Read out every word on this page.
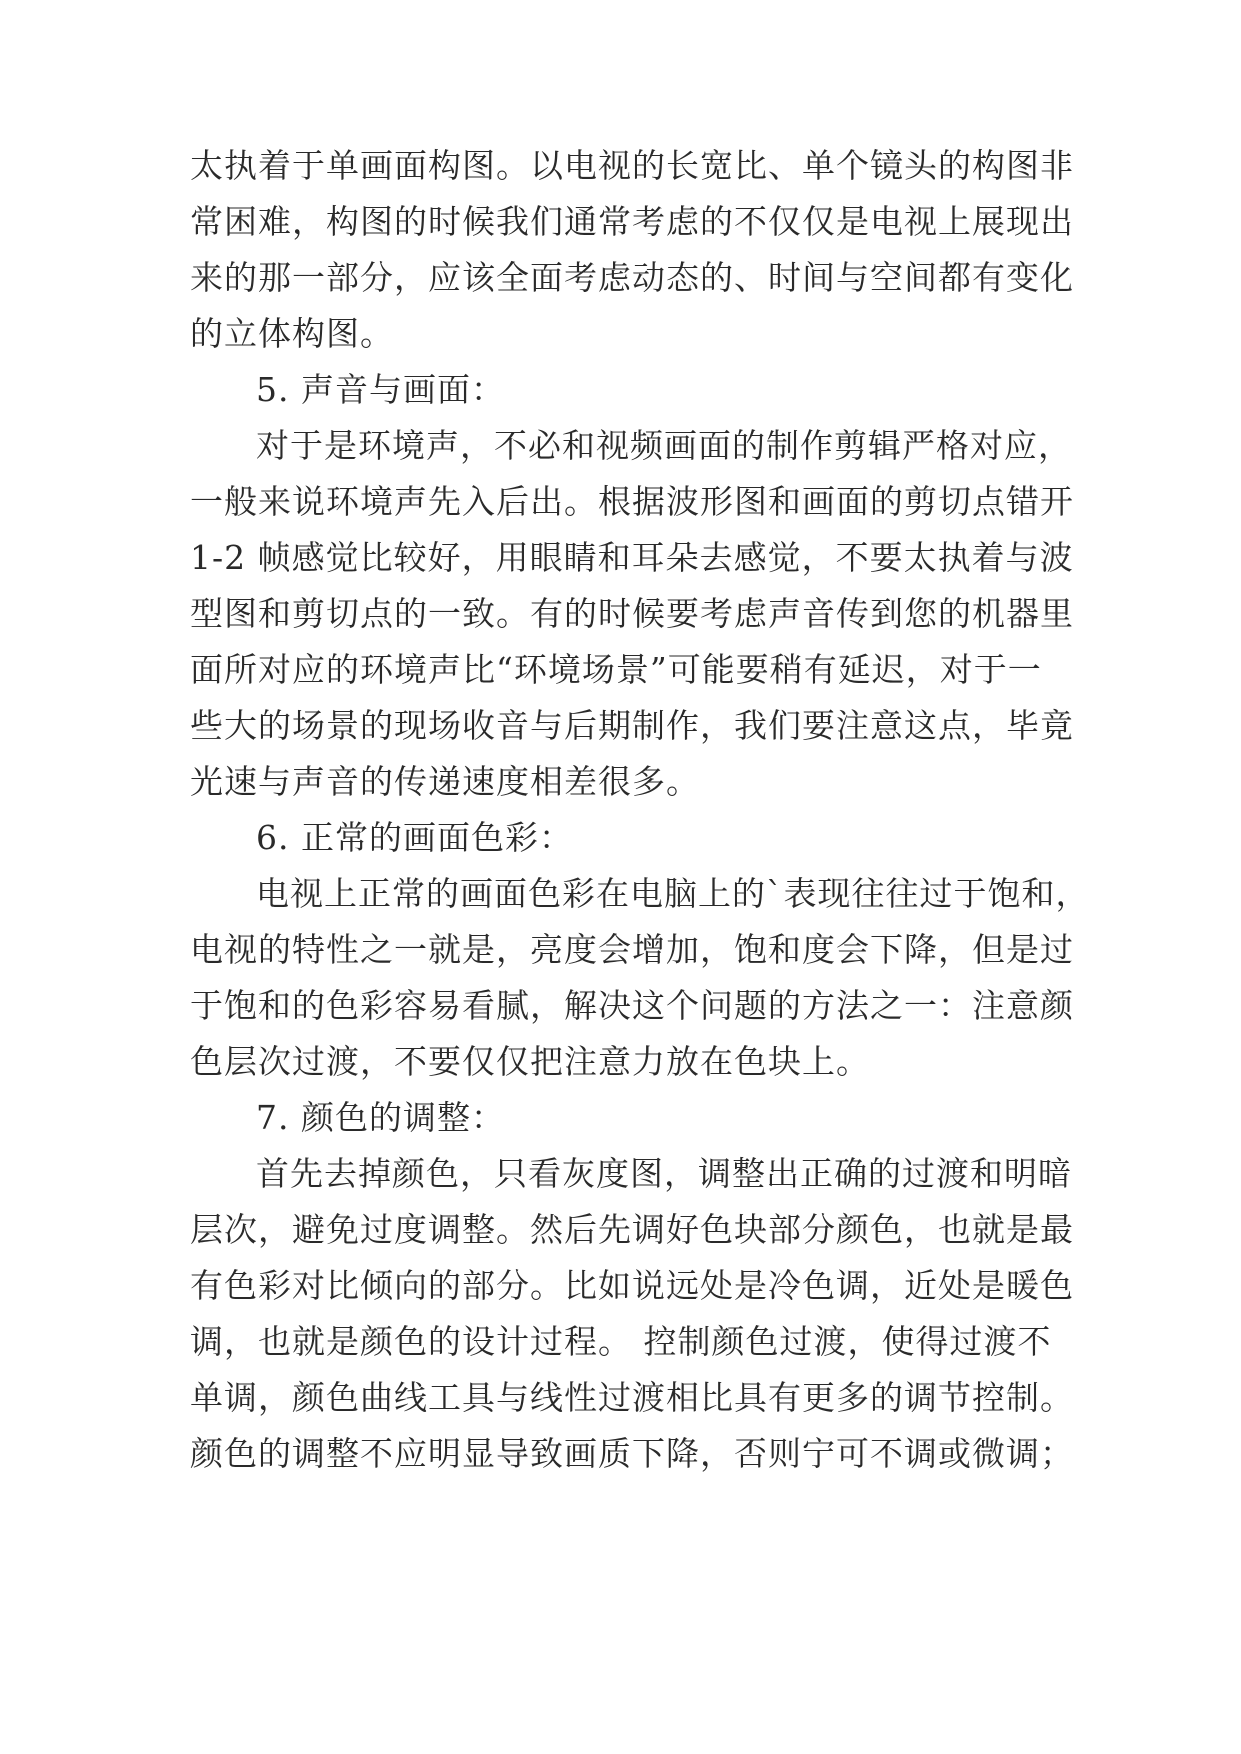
太执着于单画面构图。以电视的长宽比、单个镜头的构图非
常困难，构图的时候我们通常考虑的不仅仅是电视上展现出
来的那一部分，应该全面考虑动态的、时间与空间都有变化
的立体构图。
5. 声音与画面：
对于是环境声，不必和视频画面的制作剪辑严格对应，
一般来说环境声先入后出。根据波形图和画面的剪切点错开
1-2 帧感觉比较好，用眼睛和耳朵去感觉，不要太执着与波
型图和剪切点的一致。有的时候要考虑声音传到您的机器里
面所对应的环境声比“环境场景”可能要稍有延迟，对于一
些大的场景的现场收音与后期制作，我们要注意这点，毕竟
光速与声音的传递速度相差很多。
6. 正常的画面色彩：
电视上正常的画面色彩在电脑上的`表现往往过于饱和，
电视的特性之一就是，亮度会增加，饱和度会下降，但是过
于饱和的色彩容易看腻，解决这个问题的方法之一：注意颜
色层次过渡，不要仅仅把注意力放在色块上。
7. 颜色的调整：
首先去掉颜色，只看灰度图，调整出正确的过渡和明暗
层次，避免过度调整。然后先调好色块部分颜色，也就是最
有色彩对比倾向的部分。比如说远处是冷色调，近处是暖色
调，也就是颜色的设计过程。 控制颜色过渡，使得过渡不
单调，颜色曲线工具与线性过渡相比具有更多的调节控制。
颜色的调整不应明显导致画质下降，否则宁可不调或微调；
